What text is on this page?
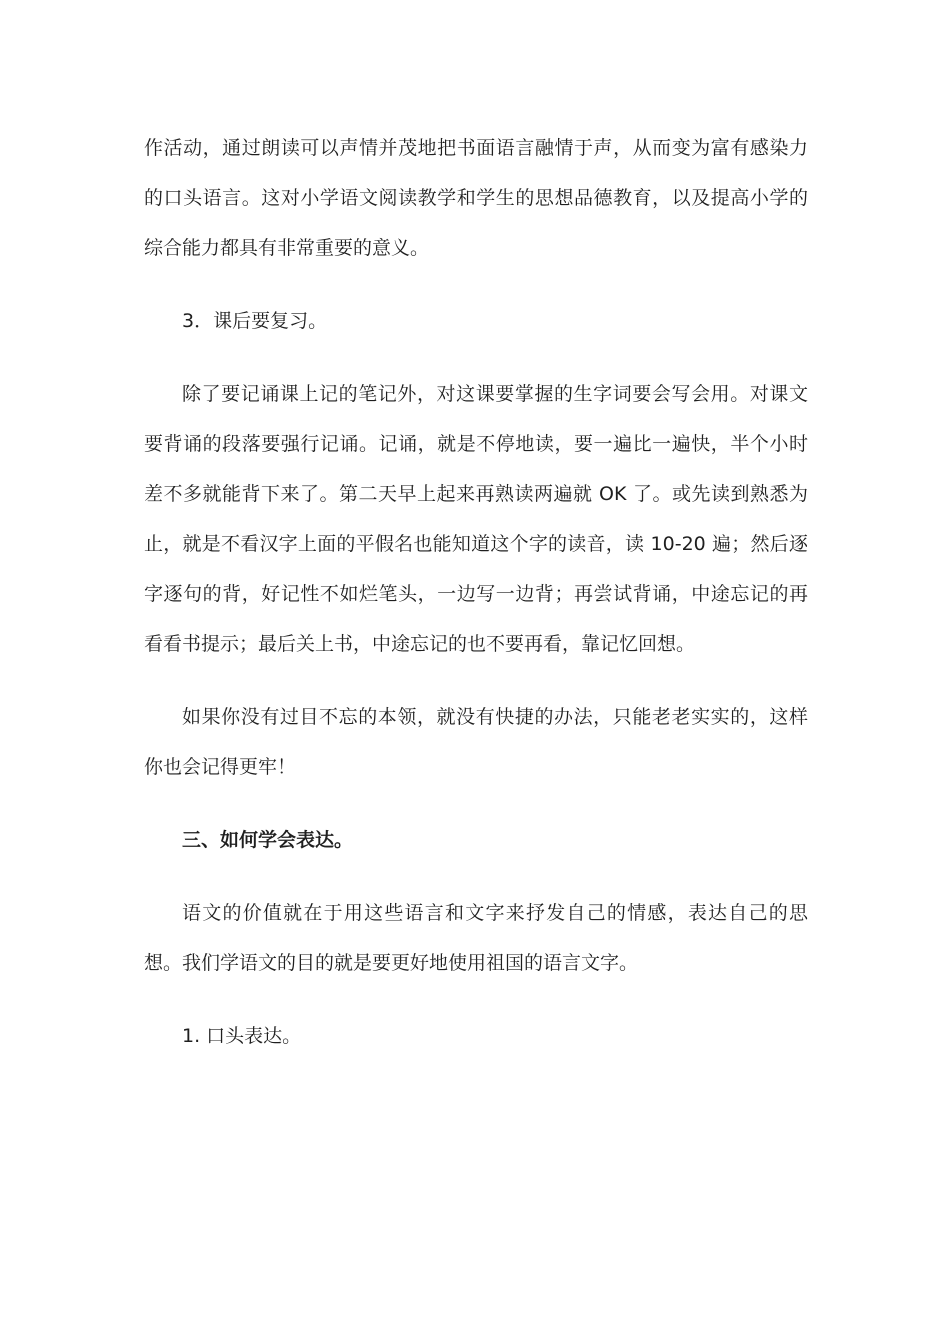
作活动，通过朗读可以声情并茂地把书面语言融情于声，从而变为富有感染力的口头语言。这对小学语文阅读教学和学生的思想品德教育，以及提高小学的综合能力都具有非常重要的意义。

3．课后要复习。

除了要记诵课上记的笔记外，对这课要掌握的生字词要会写会用。对课文要背诵的段落要强行记诵。记诵，就是不停地读，要一遍比一遍快，半个小时差不多就能背下来了。第二天早上起来再熟读两遍就 OK 了。或先读到熟悉为止，就是不看汉字上面的平假名也能知道这个字的读音，读 10-20 遍；然后逐字逐句的背，好记性不如烂笔头，一边写一边背；再尝试背诵，中途忘记的再看看书提示；最后关上书，中途忘记的也不要再看，靠记忆回想。

如果你没有过目不忘的本领，就没有快捷的办法，只能老老实实的，这样你也会记得更牢！

三、如何学会表达。

语文的价值就在于用这些语言和文字来抒发自己的情感，表达自己的思想。我们学语文的目的就是要更好地使用祖国的语言文字。

1. 口头表达。
